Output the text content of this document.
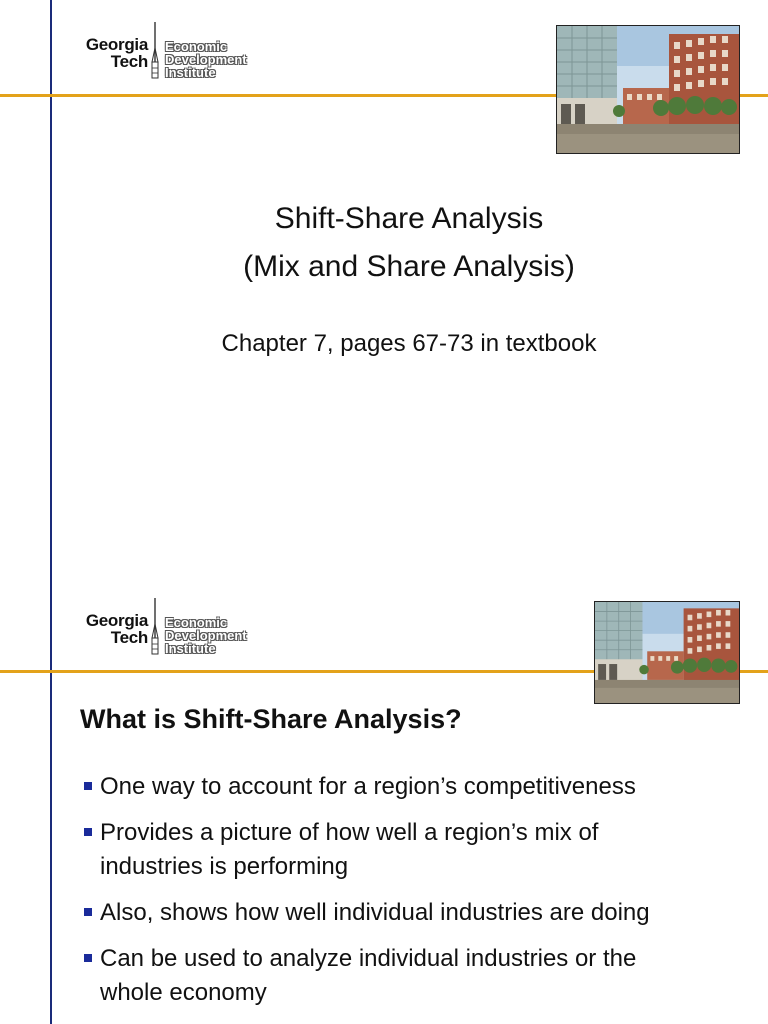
Georgia
Tech
Economic
Development
Institute
Shift-Share Analysis
(Mix and Share Analysis)
Chapter 7, pages 67-73 in textbook
Georgia
Tech
Economic
Development
Institute
What is Shift-Share Analysis?
One way to account for a region’s competitiveness
Provides a picture of how well a region’s mix of industries is performing
Also, shows how well individual industries are doing
Can be used to analyze individual industries or the whole economy
